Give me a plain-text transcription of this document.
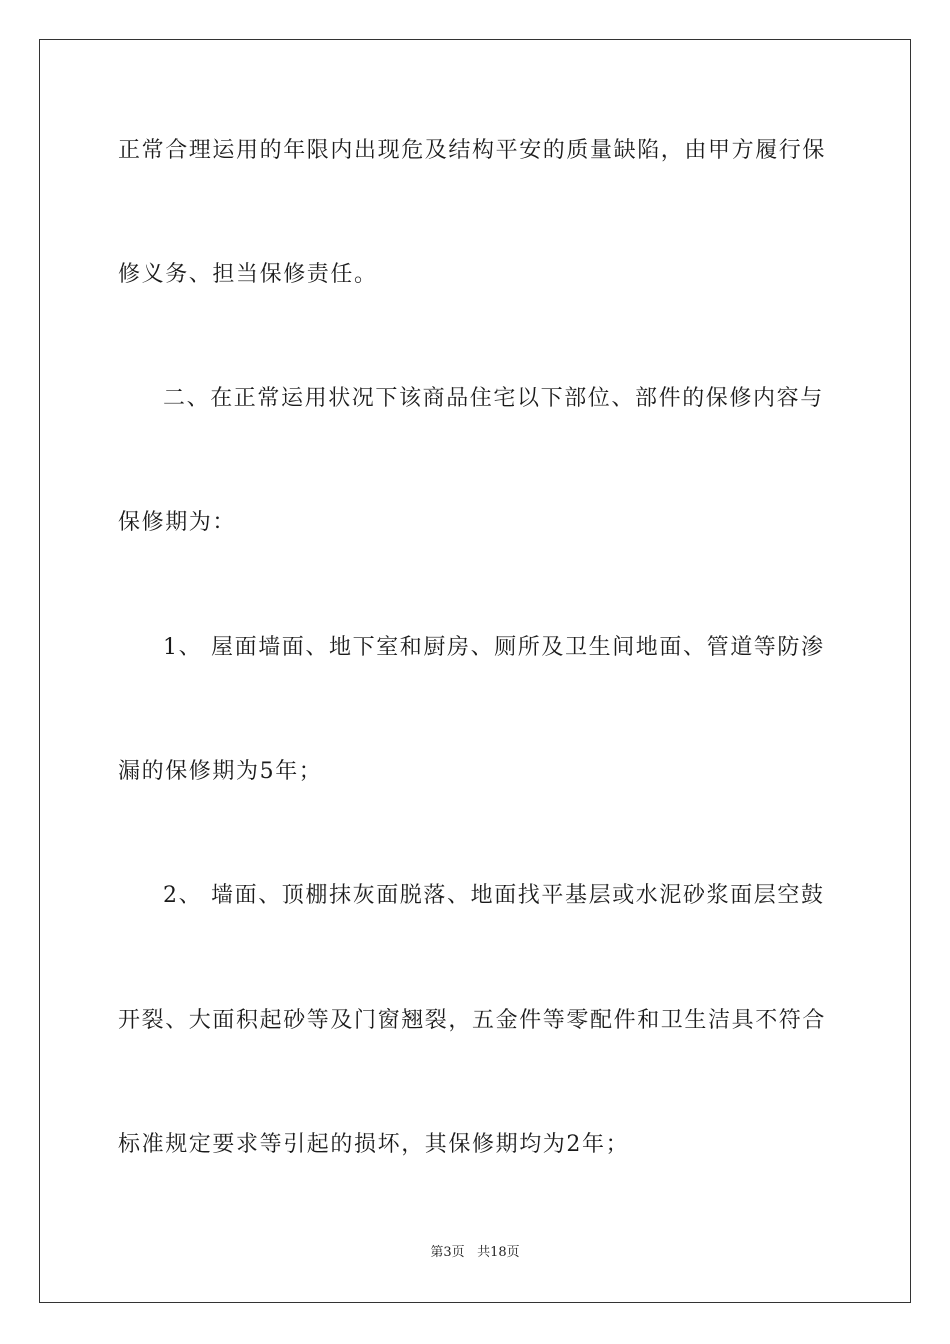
正常合理运用的年限内出现危及结构平安的质量缺陷，由甲方履行保
修义务、担当保修责任。
二、在正常运用状况下该商品住宅以下部位、部件的保修内容与
保修期为：
1、 屋面墙面、地下室和厨房、厕所及卫生间地面、管道等防渗
漏的保修期为5年；
2、 墙面、顶棚抹灰面脱落、地面找平基层或水泥砂浆面层空鼓
开裂、大面积起砂等及门窗翘裂，五金件等零配件和卫生洁具不符合
标准规定要求等引起的损坏，其保修期均为2年；
第3页 共18页
